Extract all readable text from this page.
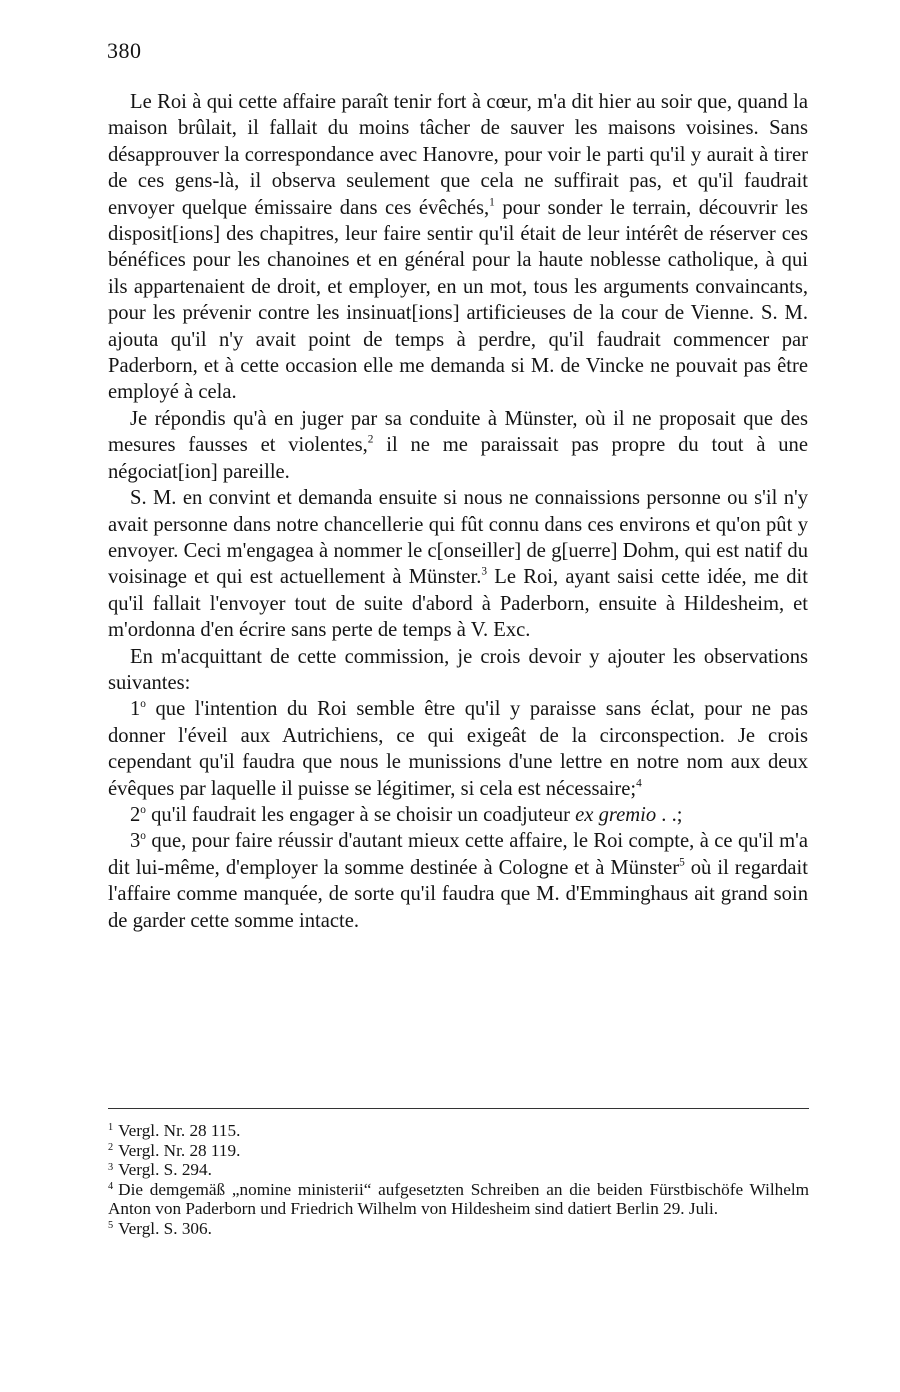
380

Le Roi à qui cette affaire paraît tenir fort à cœur, m'a dit hier au soir que, quand la maison brûlait, il fallait du moins tâcher de sauver les maisons voisines. Sans désapprouver la correspondance avec Hanovre, pour voir le parti qu'il y aurait à tirer de ces gens-là, il observa seulement que cela ne suffirait pas, et qu'il faudrait envoyer quelque émissaire dans ces évêchés,$^1$ pour sonder le terrain, découvrir les disposit[ions] des chapitres, leur faire sentir qu'il était de leur intérêt de réserver ces bénéfices pour les chanoines et en général pour la haute noblesse catholique, à qui ils appartenaient de droit, et employer, en un mot, tous les arguments convaincants, pour les prévenir contre les insinuat[ions] artificieuses de la cour de Vienne. S. M. ajouta qu'il n'y avait point de temps à perdre, qu'il faudrait commencer par Paderborn, et à cette occasion elle me demanda si M. de Vincke ne pouvait pas être employé à cela.

Je répondis qu'à en juger par sa conduite à Münster, où il ne proposait que des mesures fausses et violentes,$^2$ il ne me paraissait pas propre du tout à une négociat[ion] pareille.

S. M. en convint et demanda ensuite si nous ne connaissions personne ou s'il n'y avait personne dans notre chancellerie qui fût connu dans ces environs et qu'on pût y envoyer. Ceci m'engagea à nommer le c[onseiller] de g[uerre] Dohm, qui est natif du voisinage et qui est actuellement à Münster.$^3$ Le Roi, ayant saisi cette idée, me dit qu'il fallait l'envoyer tout de suite d'abord à Paderborn, ensuite à Hildesheim, et m'ordonna d'en écrire sans perte de temps à V. Exc.

En m'acquittant de cette commission, je crois devoir y ajouter les observations suivantes:

1$^o$ que l'intention du Roi semble être qu'il y paraisse sans éclat, pour ne pas donner l'éveil aux Autrichiens, ce qui exigeât de la circonspection. Je crois cependant qu'il faudra que nous le munissions d'une lettre en notre nom aux deux évêques par laquelle il puisse se légitimer, si cela est nécessaire;$^4$

2$^o$ qu'il faudrait les engager à se choisir un coadjuteur ex gremio . .;

3$^o$ que, pour faire réussir d'autant mieux cette affaire, le Roi compte, à ce qu'il m'a dit lui-même, d'employer la somme destinée à Cologne et à Münster$^5$ où il regardait l'affaire comme manquée, de sorte qu'il faudra que M. d'Emminghaus ait grand soin de garder cette somme intacte.

$^1$ Vergl. Nr. 28 115.
$^2$ Vergl. Nr. 28 119.
$^3$ Vergl. S. 294.
$^4$ Die demgemäß „nomine ministerii“ aufgesetzten Schreiben an die beiden Fürstbischöfe Wilhelm Anton von Paderborn und Friedrich Wilhelm von Hildesheim sind datiert Berlin 29. Juli.
$^5$ Vergl. S. 306.
